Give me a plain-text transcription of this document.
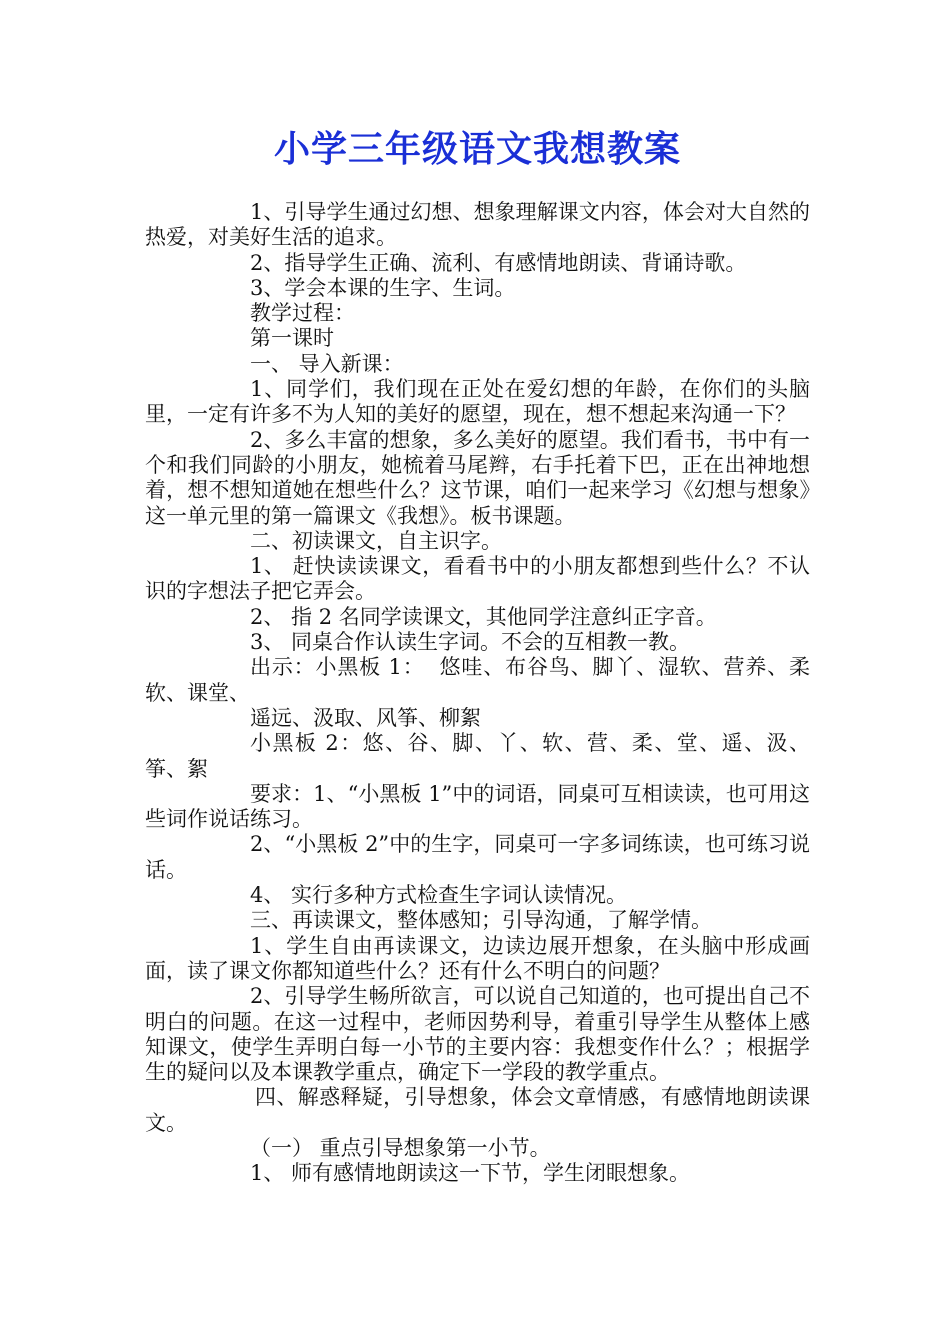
小学三年级语文我想教案

1、引导学生通过幻想、想象理解课文内容，体会对大自然的热爱，对美好生活的追求。

2、指导学生正确、流利、有感情地朗读、背诵诗歌。

3、学会本课的生字、生词。

教学过程：

第一课时

一、 导入新课：

1、同学们，我们现在正处在爱幻想的年龄，在你们的头脑里，一定有许多不为人知的美好的愿望，现在，想不想起来沟通一下？

2、多么丰富的想象，多么美好的愿望。我们看书，书中有一个和我们同龄的小朋友，她梳着马尾辫，右手托着下巴，正在出神地想着，想不想知道她在想些什么？这节课，咱们一起来学习《幻想与想象》这一单元里的第一篇课文《我想》。板书课题。

二、初读课文，自主识字。

1、 赶快读读课文，看看书中的小朋友都想到些什么？不认识的字想法子把它弄会。

2、 指 2 名同学读课文，其他同学注意纠正字音。

3、 同桌合作认读生字词。不会的互相教一教。

出示：小黑板 1：  悠哇、布谷鸟、脚丫、湿软、营养、柔软、课堂、

遥远、汲取、风筝、柳絮

小黑板 2：悠、谷、脚、丫、软、营、柔、堂、遥、汲、筝、絮

要求：1、“小黑板 1”中的词语，同桌可互相读读，也可用这些词作说话练习。

2、“小黑板 2”中的生字，同桌可一字多词练读，也可练习说话。

4、 实行多种方式检查生字词认读情况。

三、再读课文，整体感知；引导沟通，了解学情。

1、学生自由再读课文，边读边展开想象，在头脑中形成画面，读了课文你都知道些什么？还有什么不明白的问题？

2、引导学生畅所欲言，可以说自己知道的，也可提出自己不明白的问题。在这一过程中，老师因势利导，着重引导学生从整体上感知课文，使学生弄明白每一小节的主要内容：我想变作什么？；根据学生的疑问以及本课教学重点，确定下一学段的教学重点。

四、解惑释疑，引导想象，体会文章情感，有感情地朗读课文。

（一） 重点引导想象第一小节。

1、 师有感情地朗读这一下节，学生闭眼想象。
